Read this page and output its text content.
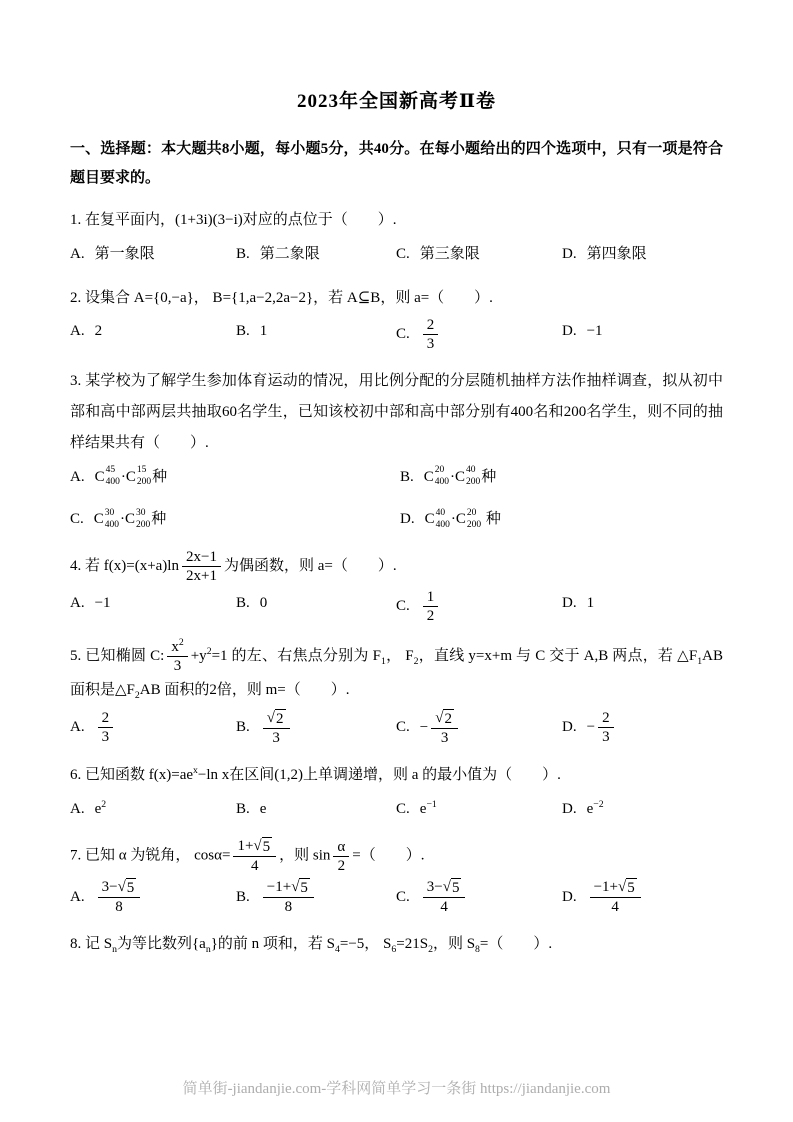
2023年全国新高考Ⅱ卷
一、选择题：本大题共8小题，每小题5分，共40分。在每小题给出的四个选项中，只有一项是符合题目要求的。
1. 在复平面内，(1+3i)(3−i)对应的点位于（　　）.
A. 第一象限	B. 第二象限	C. 第三象限	D. 第四象限
2. 设集合 A={0,−a}， B={1,a−2,2a−2}，若 A⊆B，则 a=（　　）.
A. 2	B. 1	C. $\frac{2}{3}$	D. −1
3. 某学校为了解学生参加体育运动的情况，用比例分配的分层随机抽样方法作抽样调查，拟从初中部和高中部两层共抽取60名学生，已知该校初中部和高中部分别有400名和200名学生，则不同的抽样结果共有（　　）.
A. C 45
400 ·C 15
200 种	B. C 20
400 ·C 40
200 种
C. C 30
400 ·C 30
200 种	D. C 40
400 ·C 20
200 种
4. 若 $f(x)=(x+a)\ln \frac{2x-1}{2x+1}$ 为偶函数，则 a=（　　）.
A. −1	B. 0	C. $\frac{1}{2}$	D. 1
5. 已知椭圆 C: $\frac{x^2}{3} +y^2=1$ 的左、右焦点分别为 $F_1$， $F_2$，直线 y=x+m 与 C 交于 A,B 两点，若 $\triangle F_1AB$ 面积是$\triangle F_2AB$ 面积的2倍，则 m=（　　）.
A. $\frac{2}{3}$	B. $\frac{√ 2}{3}$	C. − $\frac{√ 2}{3}$	D. − $\frac{2}{3}$
6. 已知函数 $f(x)=ae^x-\ln$ x在区间(1,2)上单调递增，则 a 的最小值为（　　）.
A. $e^2$	B. e	C. $e^{-1}$	D. $e^{-2}$
7. 已知 α 为锐角， $\cos\alpha= \frac{1+ √ 5}{4}$ ，则 $\sin \frac{\alpha}{2}$ =（　　）.
A. $\frac{3- √ 5}{8}$	B. $\frac{-1+ √ 5}{8}$	C. $\frac{3- √ 5}{4}$	D. $\frac{-1+ √ 5}{4}$
8. 记 $S_n$为等比数列$\{a_n\}$的前 n 项和，若 $S_4=-5$， $S_6=21S_2$，则 $S_8=$（　　）.
简单街-jiandanjie.com-学科网简单学习一条街 https://jiandanjie.com
